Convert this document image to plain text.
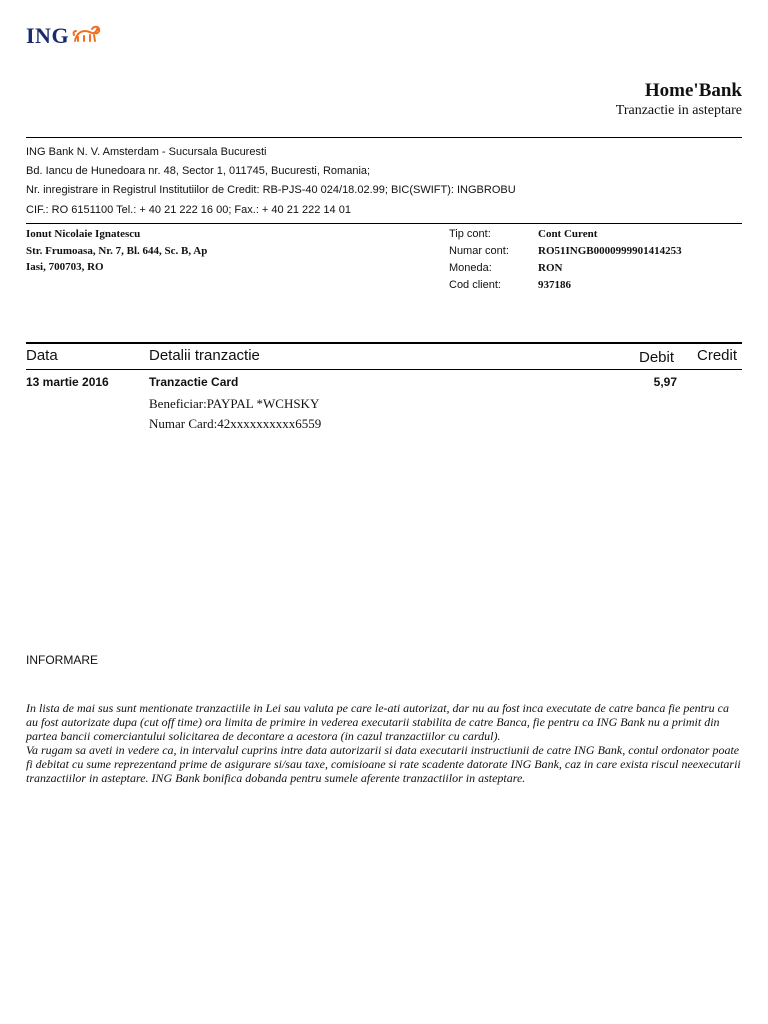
ING
Home'Bank
Tranzactie in asteptare
ING Bank N. V. Amsterdam - Sucursala Bucuresti
Bd. Iancu de Hunedoara nr. 48, Sector 1, 011745, Bucuresti, Romania;
Nr. inregistrare in Registrul Institutiilor de Credit: RB-PJS-40 024/18.02.99; BIC(SWIFT): INGBROBU
CIF.: RO 6151100 Tel.: + 40 21 222 16 00; Fax.: + 40 21 222 14 01
Ionut Nicolaie Ignatescu
Str. Frumoasa, Nr. 7, Bl. 644, Sc. B, Ap
Iasi, 700703, RO
Tip cont:	Cont Curent
Numar cont:	RO51INGB0000999901414253
Moneda:	RON
Cod client:	937186
Data	Detalii tranzactie	Debit Credit
13 martie 2016	Tranzactie Card	5,97
Beneficiar:PAYPAL *WCHSKY
Numar Card:42xxxxxxxxxx6559
INFORMARE

In lista de mai sus sunt mentionate tranzactiile in Lei sau valuta pe care le-ati autorizat, dar nu au fost inca executate de catre banca fie pentru ca au fost autorizate dupa (cut off time) ora limita de primire in vederea executarii stabilita de catre Banca, fie pentru ca ING Bank nu a primit din partea bancii comerciantului solicitarea de decontare a acestora (in cazul tranzactiilor cu cardul).

Va rugam sa aveti in vedere ca, in intervalul cuprins intre data autorizarii si data executarii instructiunii de catre ING Bank, contul ordonator poate fi debitat cu sume reprezentand prime de asigurare si/sau taxe, comisioane si rate scadente datorate ING Bank, caz in care exista riscul neexecutarii tranzactiilor in asteptare. ING Bank bonifica dobanda pentru sumele aferente tranzactiilor in asteptare.
